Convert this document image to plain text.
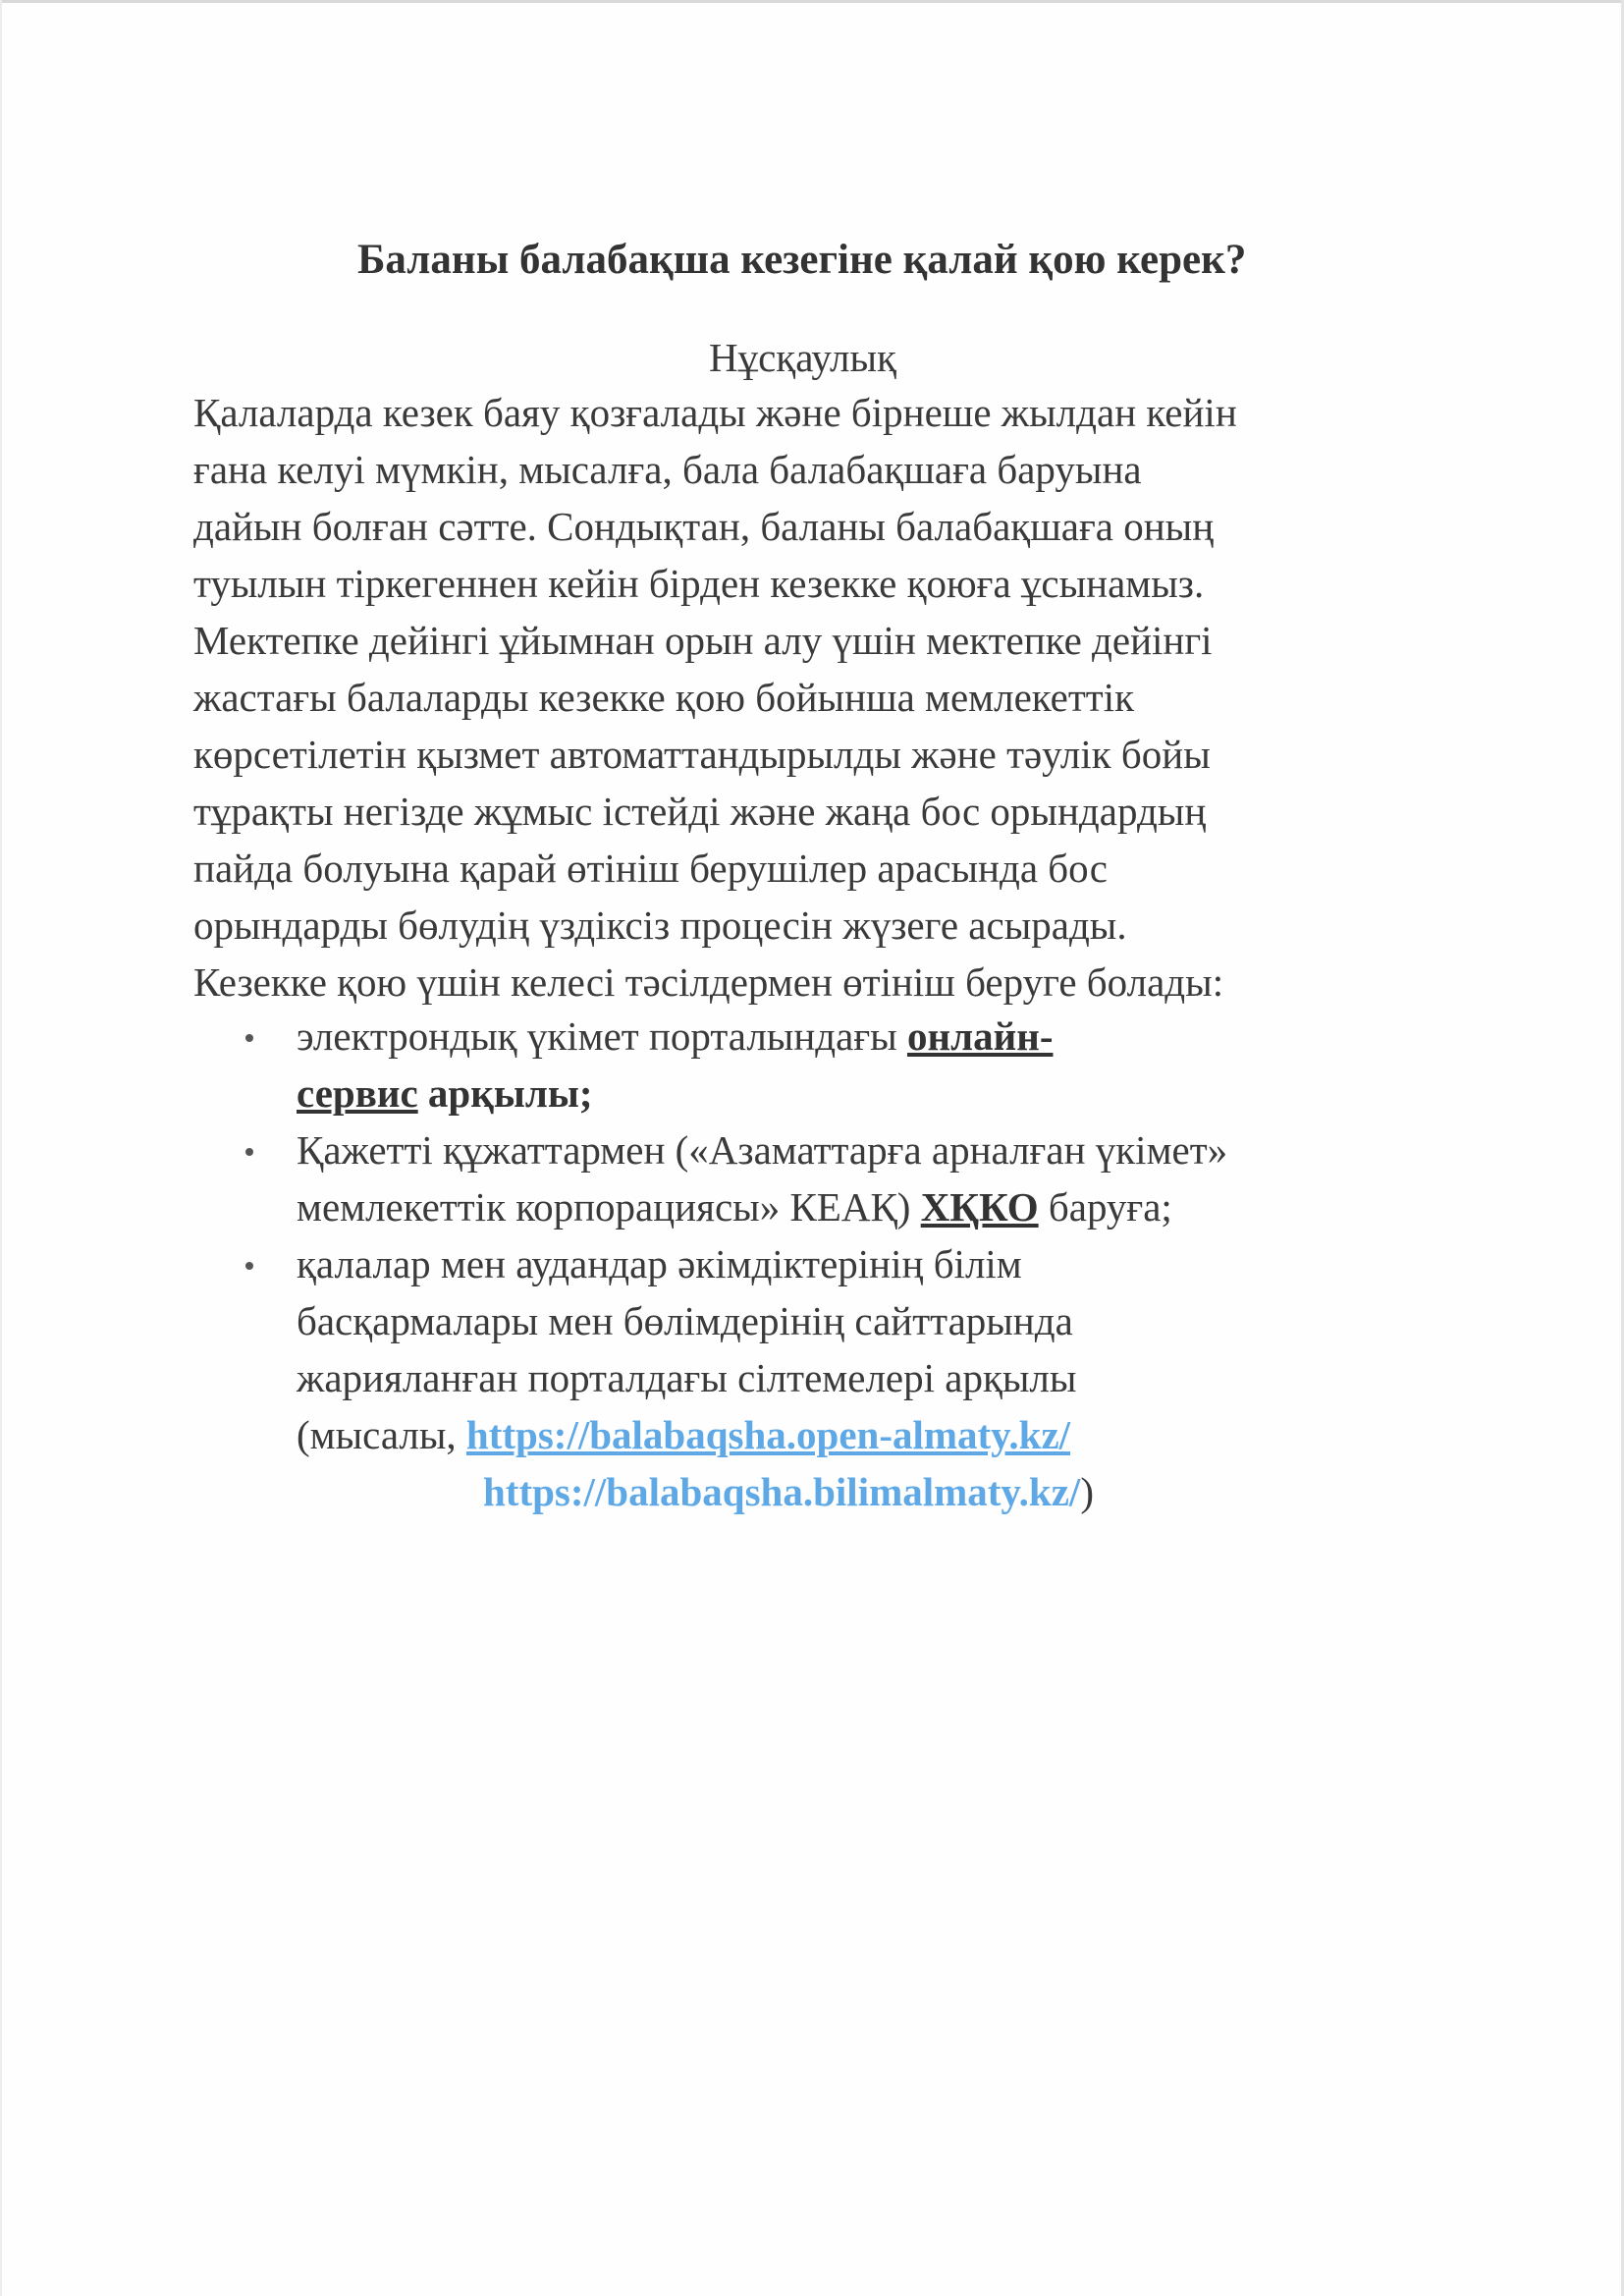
Баланы балабақша кезегіне қалай қою керек?
Нұсқаулық
Қалаларда кезек баяу қозғалады және бірнеше жылдан кейін
ғана келуі мүмкін, мысалға, бала балабақшаға баруына
дайын болған сәтте. Сондықтан, баланы балабақшаға оның
туылын тіркегеннен кейін бірден кезекке қоюға ұсынамыз.
Мектепке дейінгі ұйымнан орын алу үшін мектепке дейінгі
жастағы балаларды кезекке қою бойынша мемлекеттік
көрсетілетін қызмет автоматтандырылды және тәулік бойы
тұрақты негізде жұмыс істейді және жаңа бос орындардың
пайда болуына қарай өтініш берушілер арасында бос
орындарды бөлудің үздіксіз процесін жүзеге асырады.
Кезекке қою үшін келесі тәсілдермен өтініш беруге болады:
электрондық үкімет порталындағы онлайн-
сервис арқылы;
Қажетті құжаттармен («Азаматтарға арналған үкімет»
мемлекеттік корпорациясы» КЕАҚ) ХҚКО баруға;
қалалар мен аудандар әкімдіктерінің білім
басқармалары мен бөлімдерінің сайттарында
жарияланған порталдағы сілтемелері арқылы
(мысалы, https://balabaqsha.open-almaty.kz/
https://balabaqsha.bilimalmaty.kz/)
